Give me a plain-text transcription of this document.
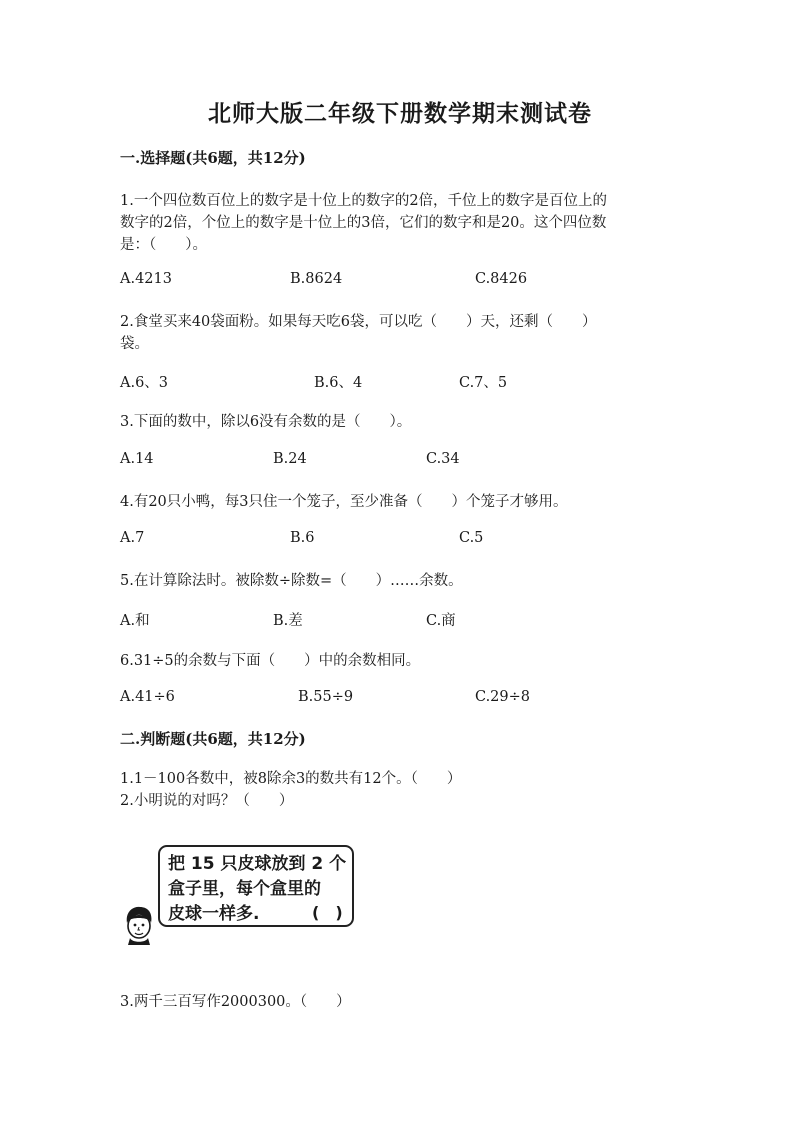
北师大版二年级下册数学期末测试卷
一.选择题(共6题，共12分)
1.一个四位数百位上的数字是十位上的数字的2倍，千位上的数字是百位上的
数字的2倍，个位上的数字是十位上的3倍，它们的数字和是20。这个四位数
是：（　　）。
A.4213	B.8624	C.8426
2.食堂买来40袋面粉。如果每天吃6袋，可以吃（　　）天，还剩（　　）
袋。
A.6、3	B.6、4	C.7、5
3.下面的数中，除以6没有余数的是（　　）。
A.14	B.24	C.34
4.有20只小鸭，每3只住一个笼子，至少准备（　　）个笼子才够用。
A.7	B.6	C.5
5.在计算除法时。被除数÷除数=（　　）……余数。
A.和	B.差	C.商
6.31÷5的余数与下面（　　）中的余数相同。
A.41÷6	B.55÷9	C.29÷8
二.判断题(共6题，共12分)
1.1－100各数中，被8除余3的数共有12个。（　　）
2.小明说的对吗？（　　）
把 15 只皮球放到 2 个
盒子里，每个盒里的
皮球一样多.	(　)
3.两千三百写作2000300。（　　）
